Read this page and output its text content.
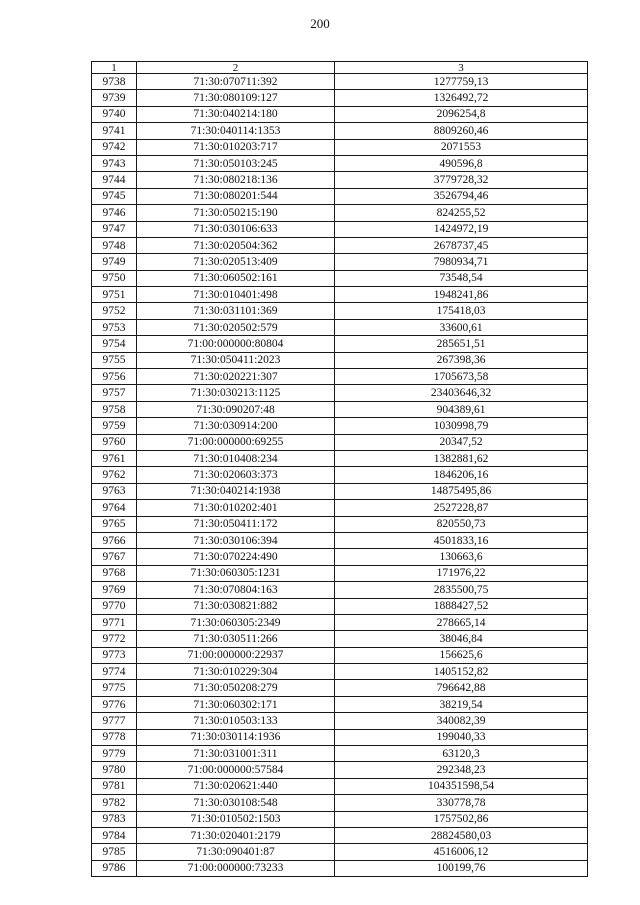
200
1	2	3
9738	71:30:070711:392	1277759,13
9739	71:30:080109:127	1326492,72
9740	71:30:040214:180	2096254,8
9741	71:30:040114:1353	8809260,46
9742	71:30:010203:717	2071553
9743	71:30:050103:245	490596,8
9744	71:30:080218:136	3779728,32
9745	71:30:080201:544	3526794,46
9746	71:30:050215:190	824255,52
9747	71:30:030106:633	1424972,19
9748	71:30:020504:362	2678737,45
9749	71:30:020513:409	7980934,71
9750	71:30:060502:161	73548,54
9751	71:30:010401:498	1948241,86
9752	71:30:031101:369	175418,03
9753	71:30:020502:579	33600,61
9754	71:00:000000:80804	285651,51
9755	71:30:050411:2023	267398,36
9756	71:30:020221:307	1705673,58
9757	71:30:030213:1125	23403646,32
9758	71:30:090207:48	904389,61
9759	71:30:030914:200	1030998,79
9760	71:00:000000:69255	20347,52
9761	71:30:010408:234	1382881,62
9762	71:30:020603:373	1846206,16
9763	71:30:040214:1938	14875495,86
9764	71:30:010202:401	2527228,87
9765	71:30:050411:172	820550,73
9766	71:30:030106:394	4501833,16
9767	71:30:070224:490	130663,6
9768	71:30:060305:1231	171976,22
9769	71:30:070804:163	2835500,75
9770	71:30:030821:882	1888427,52
9771	71:30:060305:2349	278665,14
9772	71:30:030511:266	38046,84
9773	71:00:000000:22937	156625,6
9774	71:30:010229:304	1405152,82
9775	71:30:050208:279	796642,88
9776	71:30:060302:171	38219,54
9777	71:30:010503:133	340082,39
9778	71:30:030114:1936	199040,33
9779	71:30:031001:311	63120,3
9780	71:00:000000:57584	292348,23
9781	71:30:020621:440	104351598,54
9782	71:30:030108:548	330778,78
9783	71:30:010502:1503	1757502,86
9784	71:30:020401:2179	28824580,03
9785	71:30:090401:87	4516006,12
9786	71:00:000000:73233	100199,76
